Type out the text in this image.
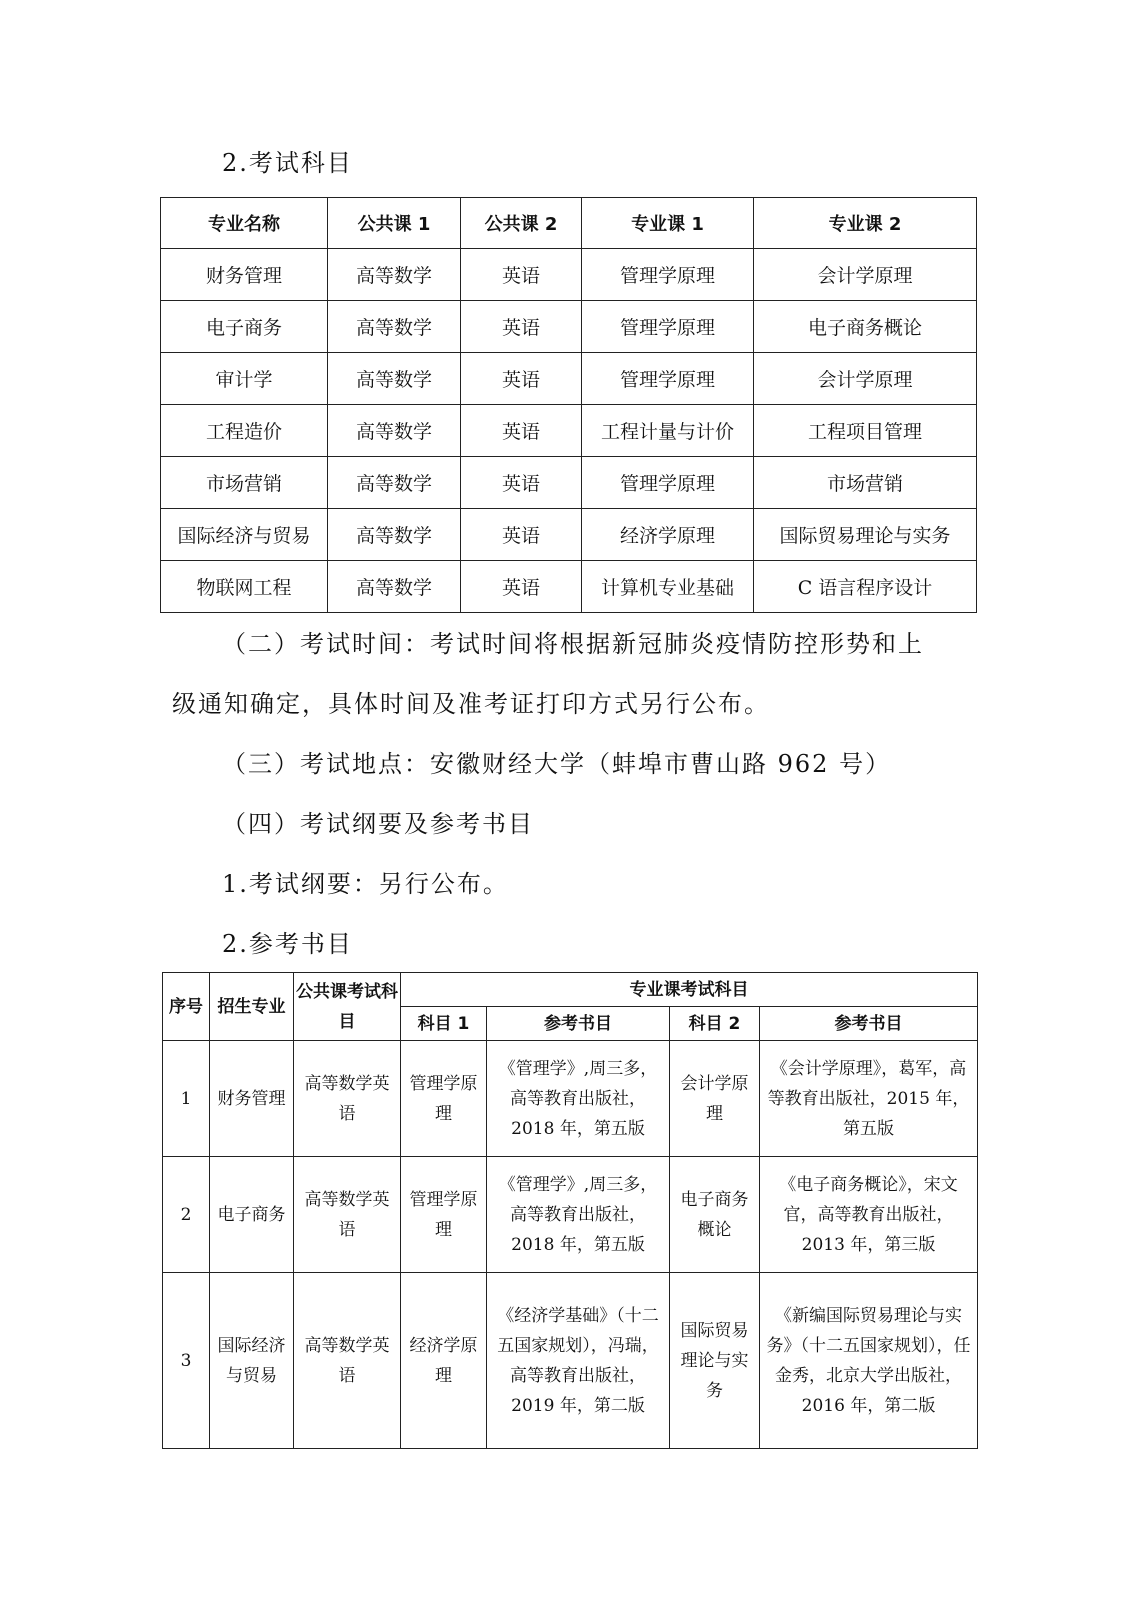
2.考试科目
专业名称	公共课 1	公共课 2	专业课 1	专业课 2
财务管理	高等数学	英语	管理学原理	会计学原理
电子商务	高等数学	英语	管理学原理	电子商务概论
审计学	高等数学	英语	管理学原理	会计学原理
工程造价	高等数学	英语	工程计量与计价	工程项目管理
市场营销	高等数学	英语	管理学原理	市场营销
国际经济与贸易	高等数学	英语	经济学原理	国际贸易理论与实务
物联网工程	高等数学	英语	计算机专业基础	C 语言程序设计
（二）考试时间：考试时间将根据新冠肺炎疫情防控形势和上
级通知确定，具体时间及准考证打印方式另行公布。
（三）考试地点：安徽财经大学（蚌埠市曹山路 962 号）
（四）考试纲要及参考书目
1.考试纲要：另行公布。
2.参考书目
序号	招生专业	公共课考试科目	专业课考试科目			
			科目 1	参考书目	科目 2	参考书目
1	财务管理	高等数学英语	管理学原理	《管理学》,周三多，高等教育出版社，2018 年，第五版	会计学原理	《会计学原理》，葛军，高等教育出版社，2015 年，第五版
2	电子商务	高等数学英语	管理学原理	《管理学》,周三多，高等教育出版社，2018 年，第五版	电子商务概论	《电子商务概论》，宋文官，高等教育出版社，2013 年，第三版
3	国际经济与贸易	高等数学英语	经济学原理	《经济学基础》（十二五国家规划），冯瑞，高等教育出版社，2019 年，第二版	国际贸易理论与实务	《新编国际贸易理论与实务》（十二五国家规划），任金秀，北京大学出版社，2016 年，第二版
